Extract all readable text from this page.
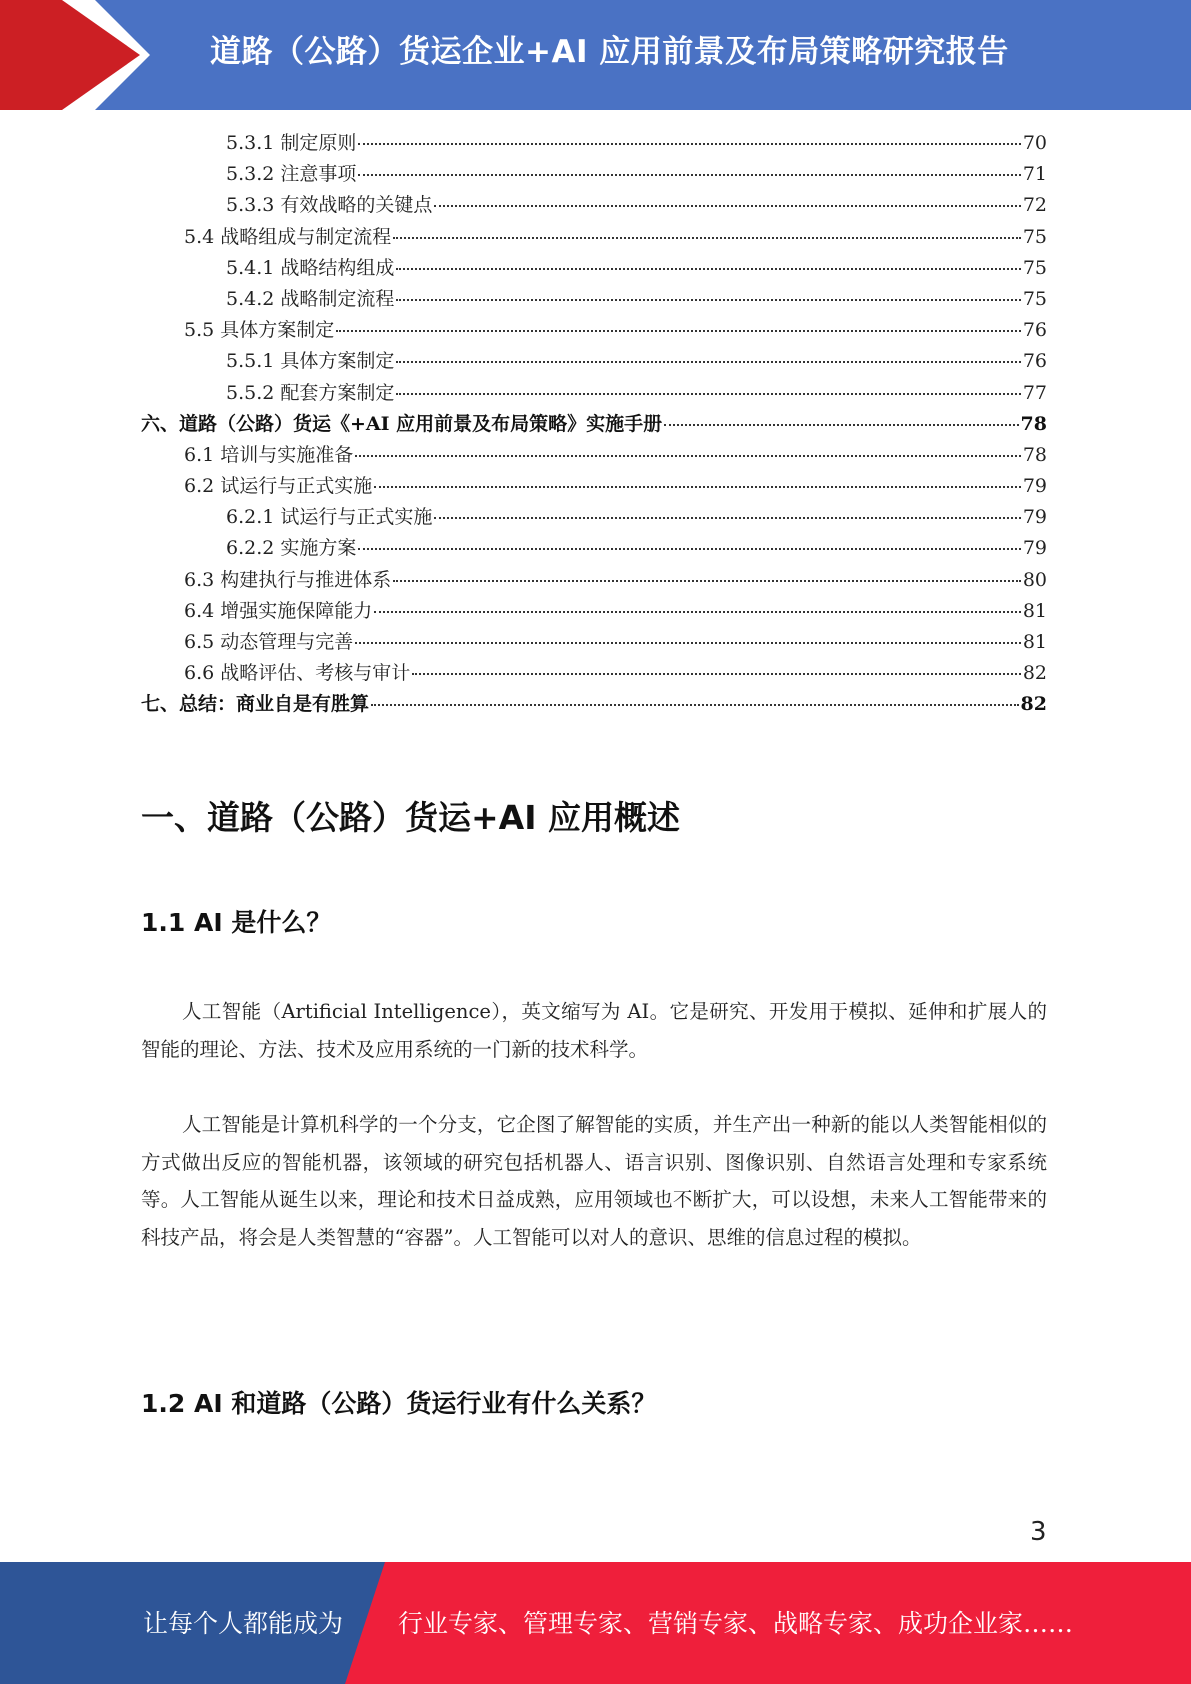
道路（公路）货运企业+AI 应用前景及布局策略研究报告
5.3.1 制定原则	70
5.3.2 注意事项	71
5.3.3 有效战略的关键点	72
5.4 战略组成与制定流程	75
5.4.1 战略结构组成	75
5.4.2 战略制定流程	75
5.5 具体方案制定	76
5.5.1 具体方案制定	76
5.5.2 配套方案制定	77
六、道路（公路）货运《+AI 应用前景及布局策略》实施手册	78
6.1 培训与实施准备	78
6.2 试运行与正式实施	79
6.2.1 试运行与正式实施	79
6.2.2 实施方案	79
6.3 构建执行与推进体系	80
6.4 增强实施保障能力	81
6.5 动态管理与完善	81
6.6 战略评估、考核与审计	82
七、总结：商业自是有胜算	82
一、道路（公路）货运+AI 应用概述
1.1 AI 是什么？
人工智能（Artificial Intelligence），英文缩写为 AI。它是研究、开发用于模拟、延伸和扩展人的智能的理论、方法、技术及应用系统的一门新的技术科学。
人工智能是计算机科学的一个分支，它企图了解智能的实质，并生产出一种新的能以人类智能相似的方式做出反应的智能机器，该领域的研究包括机器人、语言识别、图像识别、自然语言处理和专家系统等。人工智能从诞生以来，理论和技术日益成熟，应用领域也不断扩大，可以设想，未来人工智能带来的科技产品，将会是人类智慧的“容器”。人工智能可以对人的意识、思维的信息过程的模拟。
1.2 AI 和道路（公路）货运行业有什么关系？
3
让每个人都能成为 行业专家、管理专家、营销专家、战略专家、成功企业家……
